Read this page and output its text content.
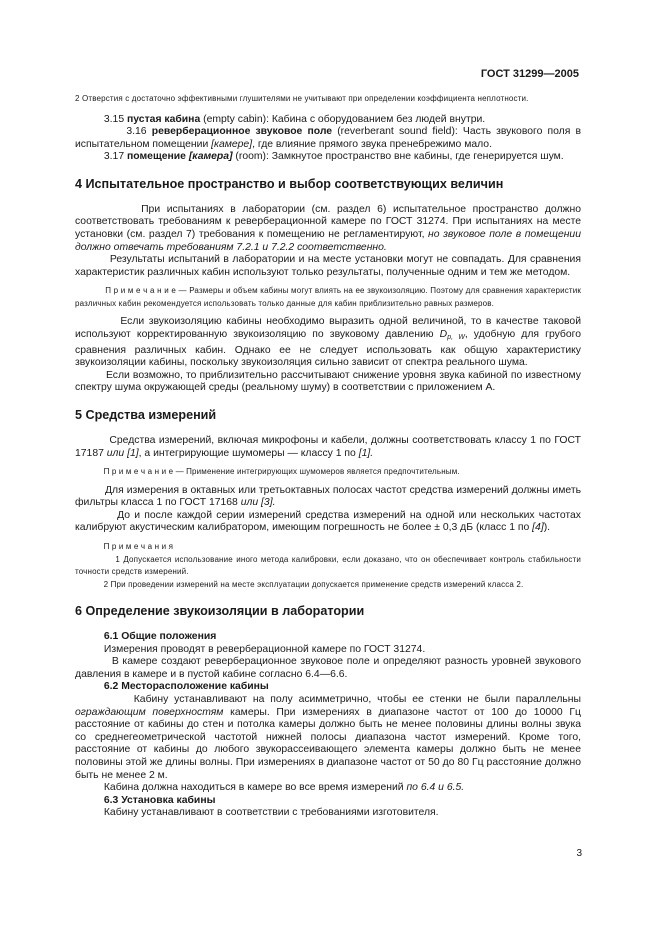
ГОСТ 31299—2005
2 Отверстия с достаточно эффективными глушителями не учитывают при определении коэффициента неплотности.
3.15 пустая кабина (empty cabin): Кабина с оборудованием без людей внутри.
3.16 реверберационное звуковое поле (reverberant sound field): Часть звукового поля в испытательном помещении [камере], где влияние прямого звука пренебрежимо мало.
3.17 помещение [камера] (room): Замкнутое пространство вне кабины, где генерируется шум.
4 Испытательное пространство и выбор соответствующих величин
При испытаниях в лаборатории (см. раздел 6) испытательное пространство должно соответствовать требованиям к реверберационной камере по ГОСТ 31274. При испытаниях на месте установки (см. раздел 7) требования к помещению не регламентируют, но звуковое поле в помещении должно отвечать требованиям 7.2.1 и 7.2.2 соответственно.
Результаты испытаний в лаборатории и на месте установки могут не совпадать. Для сравнения характеристик различных кабин используют только результаты, полученные одним и тем же методом.
П р и м е ч а н и е — Размеры и объем кабины могут влиять на ее звукоизоляцию. Поэтому для сравнения характеристик различных кабин рекомендуется использовать только данные для кабин приблизительно равных размеров.
Если звукоизоляцию кабины необходимо выразить одной величиной, то в качестве таковой используют корректированную звукоизоляцию по звуковому давлению $D_{p, W}$, удобную для грубого сравнения различных кабин. Однако ее не следует использовать как общую характеристику звукоизоляции кабины, поскольку звукоизоляция сильно зависит от спектра реального шума.
Если возможно, то приблизительно рассчитывают снижение уровня звука кабиной по известному спектру шума окружающей среды (реальному шуму) в соответствии с приложением А.
5 Средства измерений
Средства измерений, включая микрофоны и кабели, должны соответствовать классу 1 по ГОСТ 17187 или [1], а интегрирующие шумомеры — классу 1 по [1].
П р и м е ч а н и е — Применение интегрирующих шумомеров является предпочтительным.
Для измерения в октавных или третьоктавных полосах частот средства измерений должны иметь фильтры класса 1 по ГОСТ 17168 или [3].
До и после каждой серии измерений средства измерений на одной или нескольких частотах калибруют акустическим калибратором, имеющим погрешность не более ± 0,3 дБ (класс 1 по [4]).
П р и м е ч а н и я
1 Допускается использование иного метода калибровки, если доказано, что он обеспечивает контроль стабильности точности средств измерений.
2 При проведении измерений на месте эксплуатации допускается применение средств измерений класса 2.
6 Определение звукоизоляции в лаборатории
6.1 Общие положения
Измерения проводят в реверберационной камере по ГОСТ 31274.
В камере создают реверберационное звуковое поле и определяют разность уровней звукового давления в камере и в пустой кабине согласно 6.4—6.6.
6.2 Месторасположение кабины
Кабину устанавливают на полу асимметрично, чтобы ее стенки не были параллельны ограждающим поверхностям камеры. При измерениях в диапазоне частот от 100 до 10000 Гц расстояние от кабины до стен и потолка камеры должно быть не менее половины длины волны звука со среднегеометрической частотой нижней полосы диапазона частот измерений. Кроме того, расстояние от кабины до любого звукорассеивающего элемента камеры должно быть не менее половины этой же длины волны. При измерениях в диапазоне частот от 50 до 80 Гц расстояние должно быть не менее 2 м.
Кабина должна находиться в камере во все время измерений по 6.4 и 6.5.
6.3 Установка кабины
Кабину устанавливают в соответствии с требованиями изготовителя.
3
